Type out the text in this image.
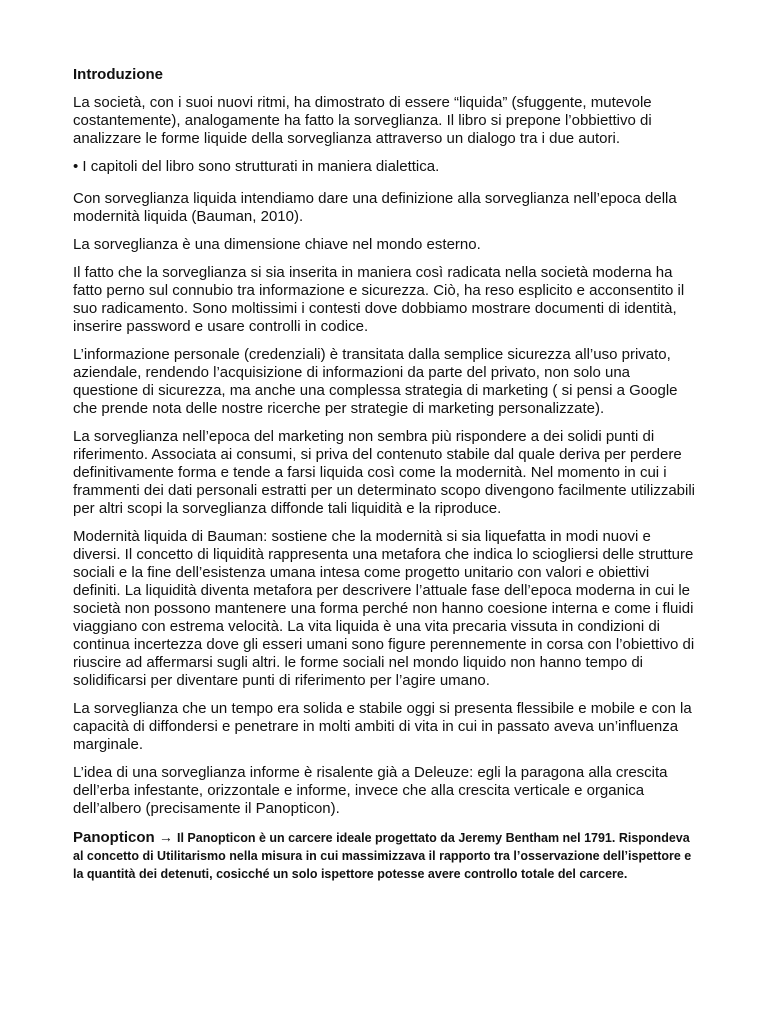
Introduzione

La società, con i suoi nuovi ritmi, ha dimostrato di essere “liquida” (sfuggente, mutevole costantemente), analogamente ha fatto la sorveglianza. Il libro si prepone l’obbiettivo di analizzare le forme liquide della sorveglianza attraverso un dialogo tra i due autori.

• I capitoli del libro sono strutturati in maniera dialettica.

Con sorveglianza liquida intendiamo dare una definizione alla sorveglianza nell’epoca della modernità liquida (Bauman, 2010).

La sorveglianza è una dimensione chiave nel mondo esterno.

Il fatto che la sorveglianza si sia inserita in maniera così radicata nella società moderna ha fatto perno sul connubio tra informazione e sicurezza. Ciò, ha reso esplicito e acconsentito il suo radicamento. Sono moltissimi i contesti dove dobbiamo mostrare documenti di identità, inserire password e usare controlli in codice.

L’informazione personale (credenziali) è transitata dalla semplice sicurezza all’uso privato, aziendale, rendendo l’acquisizione di informazioni da parte del privato, non solo una questione di sicurezza, ma anche una complessa strategia di marketing ( si pensi a Google che prende nota delle nostre ricerche per strategie di marketing personalizzate).

La sorveglianza nell’epoca del marketing non sembra più rispondere a dei solidi punti di riferimento. Associata ai consumi, si priva del contenuto stabile dal quale deriva per perdere definitivamente forma e tende a farsi liquida così come la modernità. Nel momento in cui i frammenti dei dati personali estratti per un determinato scopo divengono facilmente utilizzabili per altri scopi la sorveglianza diffonde tali liquidità e la riproduce.

Modernità liquida di Bauman: sostiene che la modernità si sia liquefatta in modi nuovi e diversi. Il concetto di liquidità rappresenta una metafora che indica lo sciogliersi delle strutture sociali e la fine dell’esistenza umana intesa come progetto unitario con valori e obiettivi definiti. La liquidità diventa metafora per descrivere l’attuale fase dell’epoca moderna in cui le società non possono mantenere una forma perché non hanno coesione interna e come i fluidi viaggiano con estrema velocità. La vita liquida è una vita precaria vissuta in condizioni di continua incertezza dove gli esseri umani sono figure perennemente in corsa con l’obiettivo di riuscire ad affermarsi sugli altri. le forme sociali nel mondo liquido non hanno tempo di solidificarsi per diventare punti di riferimento per l’agire umano.

La sorveglianza che un tempo era solida e stabile oggi si presenta flessibile e mobile e con la capacità di diffondersi e penetrare in molti ambiti di vita in cui in passato aveva un’influenza marginale.

L’idea di una sorveglianza informe è risalente già a Deleuze: egli la paragona alla crescita dell’erba infestante, orizzontale e informe, invece che alla crescita verticale e organica dell’albero (precisamente il Panopticon).

Panopticon → Il Panopticon è un carcere ideale progettato da Jeremy Bentham nel 1791. Rispondeva al concetto di Utilitarismo nella misura in cui massimizzava il rapporto tra l’osservazione dell’ispettore e la quantità dei detenuti, cosicché un solo ispettore potesse avere controllo totale del carcere.
